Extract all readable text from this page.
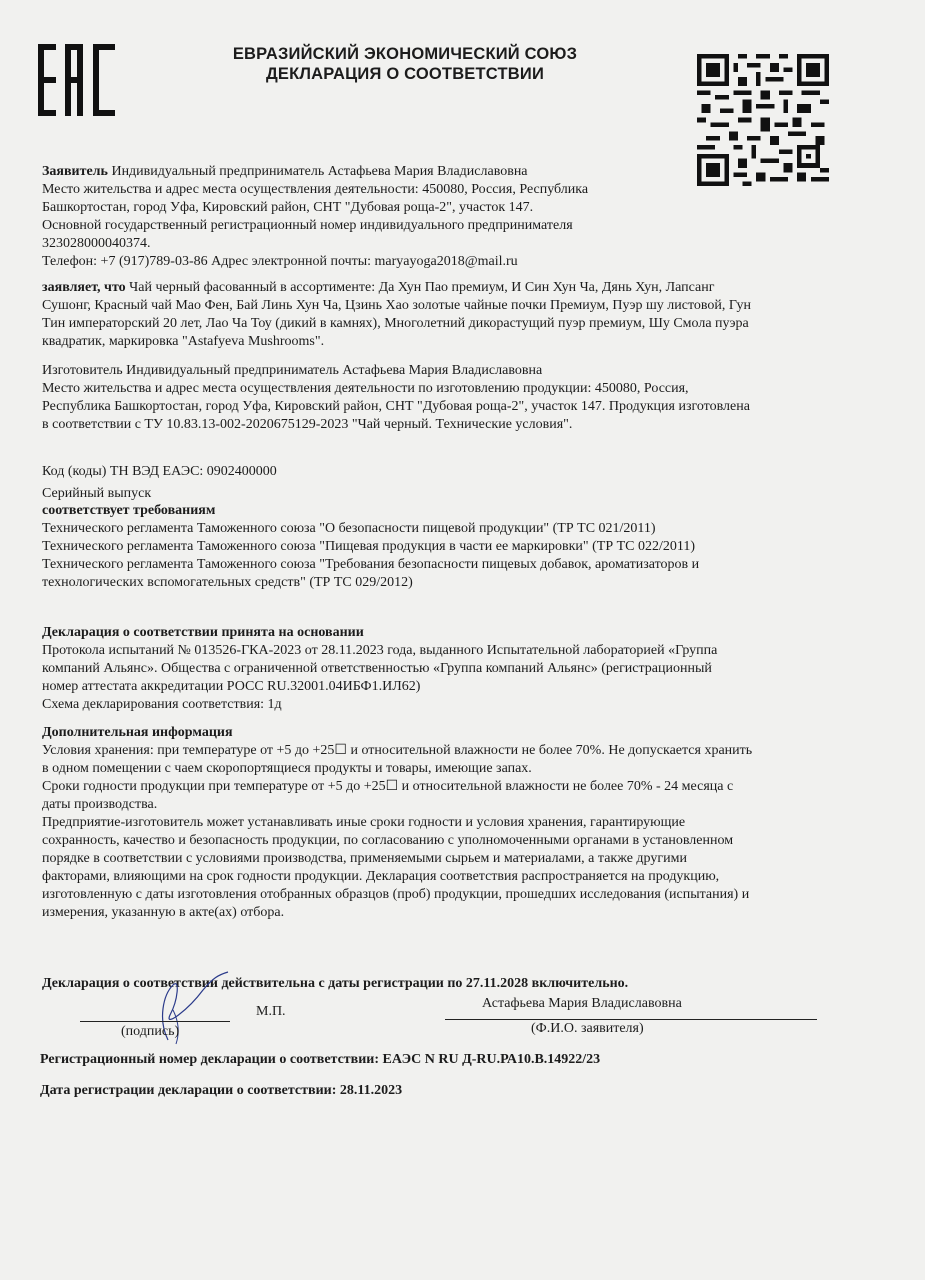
ЕВРАЗИЙСКИЙ ЭКОНОМИЧЕСКИЙ СОЮЗ
ДЕКЛАРАЦИЯ О СООТВЕТСТВИИ

Заявитель Индивидуальный предприниматель Астафьева Мария Владиславовна

Место жительства и адрес места осуществления деятельности: 450080, Россия, Республика

Башкортостан, город Уфа, Кировский район, СНТ "Дубовая роща-2", участок 147.

Основной государственный регистрационный номер индивидуального предпринимателя

323028000040374.

Телефон: +7 (917)789-03-86 Адрес электронной почты: maryayoga2018@mail.ru

заявляет, что Чай черный фасованный в ассортименте: Да Хун Пао премиум, И Син Хун Ча, Дянь Хун, Лапсанг

Сушонг, Красный чай Мао Фен, Бай Линь Хун Ча, Цзинь Хао золотые чайные почки Премиум, Пуэр шу листовой, Гун

Тин императорский 20 лет, Лао Ча Тоу (дикий в камнях), Многолетний дикорастущий пуэр премиум, Шу Смола пуэра

квадратик, маркировка "Astafyeva Mushrooms".

Изготовитель Индивидуальный предприниматель Астафьева Мария Владиславовна

Место жительства и адрес места осуществления деятельности по изготовлению продукции: 450080, Россия,

Республика Башкортостан, город Уфа, Кировский район, СНТ "Дубовая роща-2", участок 147. Продукция изготовлена

в соответствии с ТУ 10.83.13-002-2020675129-2023 "Чай черный. Технические условия".

Код (коды) ТН ВЭД ЕАЭС: 0902400000

Серийный выпуск

соответствует требованиям

Технического регламента Таможенного союза "О безопасности пищевой продукции" (ТР ТС 021/2011)

Технического регламента Таможенного союза "Пищевая продукция в части ее маркировки" (ТР ТС 022/2011)

Технического регламента Таможенного союза "Требования безопасности пищевых добавок, ароматизаторов и

технологических вспомогательных средств" (ТР ТС 029/2012)

Декларация о соответствии принята на основании

Протокола испытаний № 013526-ГКА-2023 от 28.11.2023 года, выданного Испытательной лабораторией «Группа

компаний Альянс». Общества с ограниченной ответственностью «Группа компаний Альянс» (регистрационный

номер аттестата аккредитации РОСС RU.32001.04ИБФ1.ИЛ62)

Схема декларирования соответствия: 1д

Дополнительная информация

Условия хранения: при температуре от +5 до +25☐ и относительной влажности не более 70%. Не допускается хранить

в одном помещении с чаем скоропортящиеся продукты и товары, имеющие запах.

Сроки годности продукции при температуре от +5 до +25☐ и относительной влажности не более 70% - 24 месяца с

даты производства.

Предприятие-изготовитель может устанавливать иные сроки годности и условия хранения, гарантирующие

сохранность, качество и безопасность продукции, по согласованию с уполномоченными органами в установленном

порядке в соответствии с условиями производства, применяемыми сырьем и материалами, а также другими

факторами, влияющими на срок годности продукции. Декларация соответствия распространяется на продукцию,

изготовленную с даты изготовления отобранных образцов (проб) продукции, прошедших исследования (испытания) и

измерения, указанную в акте(ах) отбора.

Декларация о соответствии действительна с даты регистрации по 27.11.2028 включительно.
М.П.
Астафьева Мария Владиславовна
(подпись)	(Ф.И.О. заявителя)
Регистрационный номер декларации о соответствии: ЕАЭС N RU Д-RU.РА10.В.14922/23
Дата регистрации декларации о соответствии: 28.11.2023
